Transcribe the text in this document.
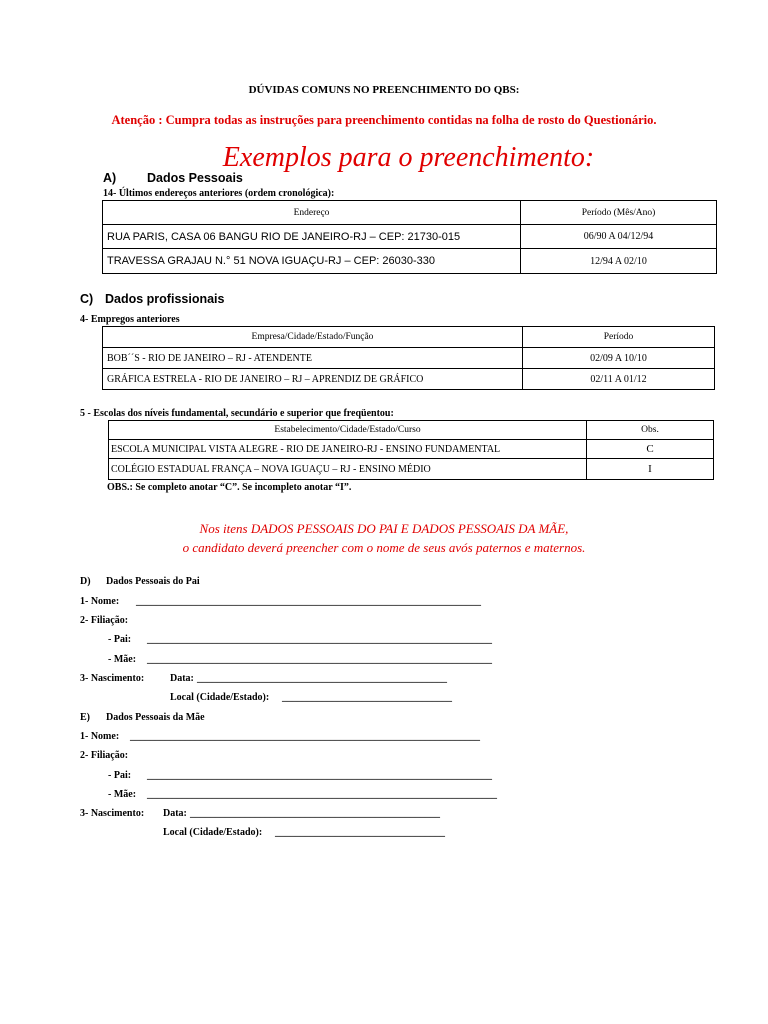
DÚVIDAS COMUNS NO PREENCHIMENTO DO QBS:
Atenção : Cumpra todas as instruções para preenchimento contidas na folha de rosto do Questionário.
Exemplos para o preenchimento:
A) Dados Pessoais
14- Últimos endereços anteriores (ordem cronológica):
Endereço	Período (Mês/Ano)
RUA PARIS, CASA 06 BANGU RIO DE JANEIRO-RJ – CEP: 21730-015	06/90 A 04/12/94
TRAVESSA GRAJAU N.° 51 NOVA IGUAÇU-RJ – CEP: 26030-330	12/94 A 02/10
C) Dados profissionais
4- Empregos anteriores
Empresa/Cidade/Estado/Função	Período
BOB´´S - RIO DE JANEIRO – RJ - ATENDENTE	02/09 A 10/10
GRÁFICA ESTRELA - RIO DE JANEIRO – RJ – APRENDIZ DE GRÁFICO	02/11 A 01/12
5 - Escolas dos níveis fundamental, secundário e superior que freqüentou:
Estabelecimento/Cidade/Estado/Curso	Obs.
ESCOLA MUNICIPAL VISTA ALEGRE - RIO DE JANEIRO-RJ - ENSINO FUNDAMENTAL	C
COLÉGIO ESTADUAL FRANÇA – NOVA IGUAÇU – RJ - ENSINO MÉDIO	I
OBS.: Se completo anotar “C”. Se incompleto anotar “I”.
Nos itens DADOS PESSOAIS DO PAI E DADOS PESSOAIS DA MÃE,
o candidato deverá preencher com o nome de seus avós paternos e maternos.
D) Dados Pessoais do Pai
1- Nome: _____________________________________________________________________
2- Filiação:
- Pai: _____________________________________________________________________
- Mãe: _____________________________________________________________________
3- Nascimento:	Data: __________________________________________________
Local (Cidade/Estado): __________________________________
E) Dados Pessoais da Mãe
1- Nome: ______________________________________________________________________
2- Filiação:
- Pai: _____________________________________________________________________
- Mãe: ______________________________________________________________________
3- Nascimento: Data: __________________________________________________
Local (Cidade/Estado): __________________________________
